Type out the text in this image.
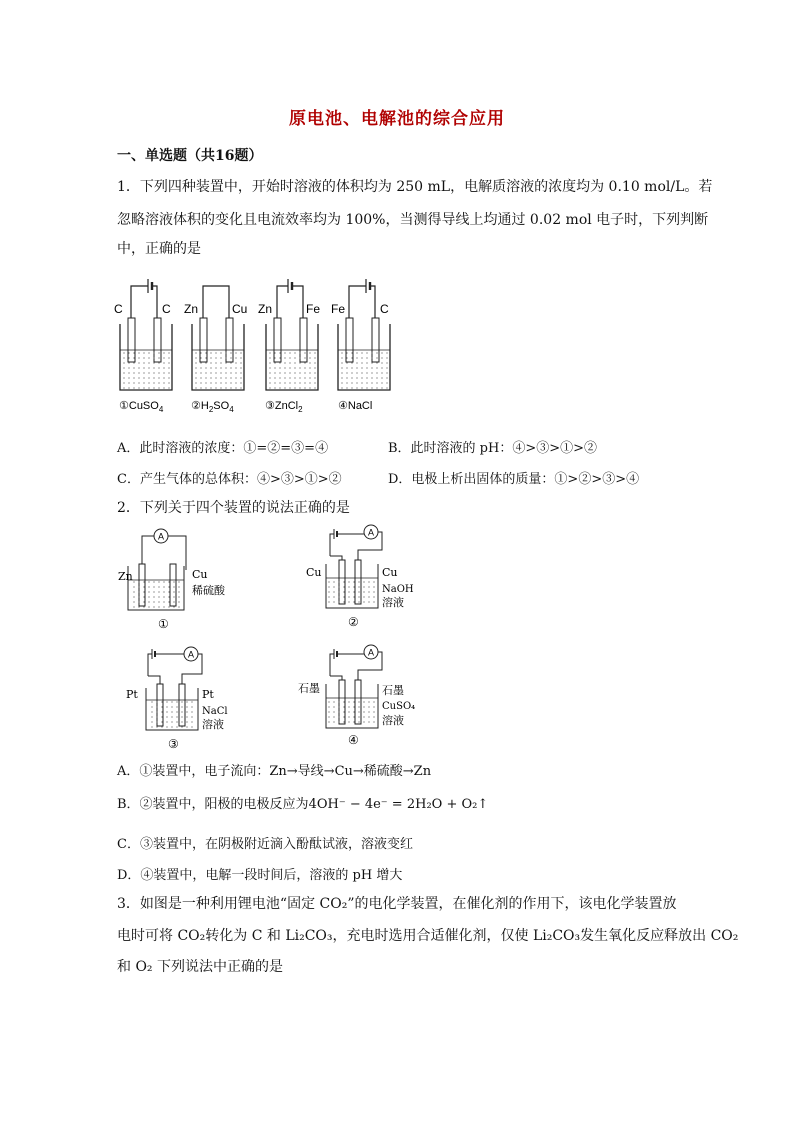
原电池、电解池的综合应用
一、单选题（共16题）
1．下列四种装置中，开始时溶液的体积均为 250 mL，电解质溶液的浓度均为 0.10 mol/L。若
忽略溶液体积的变化且电流效率均为 100%，当测得导线上均通过 0.02 mol 电子时，下列判断
中，正确的是
C	C
①CuSO$_4$
Zn	Cu
$②H_2SO_4$
Zn	Fe
③ZnCl$_2$
Fe	C
④NaCl
A．此时溶液的浓度：①=②=③=④	B．此时溶液的 pH：④>③>①>②
C．产生气体的总体积：④>③>①>②	D．电极上析出固体的质量：①>②>③>④
2．下列关于四个装置的说法正确的是
A
Zn	Cu
稀硫酸
①
A
Cu	Cu
NaOH
溶液
②
A
Pt	Pt
NaCl
溶液
③
A
石墨	石墨
CuSO₄
溶液
④
A．①装置中，电子流向：Zn→导线→Cu→稀硫酸→Zn
B．②装置中，阳极的电极反应为4OH⁻ − 4e⁻ = 2H₂O + O₂↑
C．③装置中，在阴极附近滴入酚酞试液，溶液变红
D．④装置中，电解一段时间后，溶液的 pH 增大
3．如图是一种利用锂电池“固定 CO₂”的电化学装置，在催化剂的作用下，该电化学装置放
电时可将 CO₂转化为 C 和 Li₂CO₃，充电时选用合适催化剂，仅使 Li₂CO₃发生氧化反应释放出 CO₂
和 O₂ 下列说法中正确的是
